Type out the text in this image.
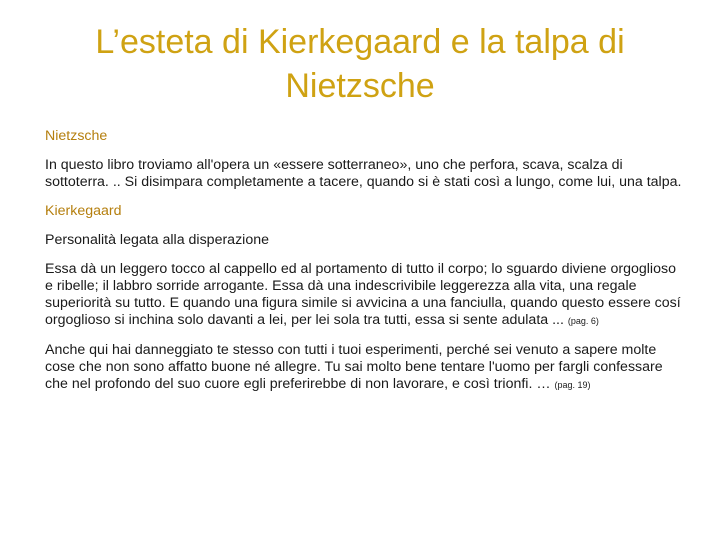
L’esteta di Kierkegaard e la talpa di Nietzsche

Nietzsche

In questo libro troviamo all'opera un «essere sotterraneo», uno che perfora, scava, scalza di sottoterra. .. Si disimpara completamente a tacere, quando si è stati così a lungo, come lui, una talpa.

Kierkegaard

Personalità legata alla disperazione

Essa dà un leggero tocco al cappello ed al portamento di tutto il corpo; lo sguardo diviene orgoglioso e ribelle; il labbro sorride arrogante. Essa dà una indescrivibile leggerezza alla vita, una regale superiorità su tutto. E quando una figura simile si avvicina a una fanciulla, quando questo essere cosí orgoglioso si inchina solo davanti a lei, per lei sola tra tutti, essa si sente adulata ... (pag. 6)

Anche qui hai danneggiato te stesso con tutti i tuoi esperimenti, perché sei venuto a sapere molte cose che non sono affatto buone né allegre. Tu sai molto bene tentare l'uomo per fargli confessare che nel profondo del suo cuore egli preferirebbe di non lavorare, e così trionfi. … (pag. 19)
